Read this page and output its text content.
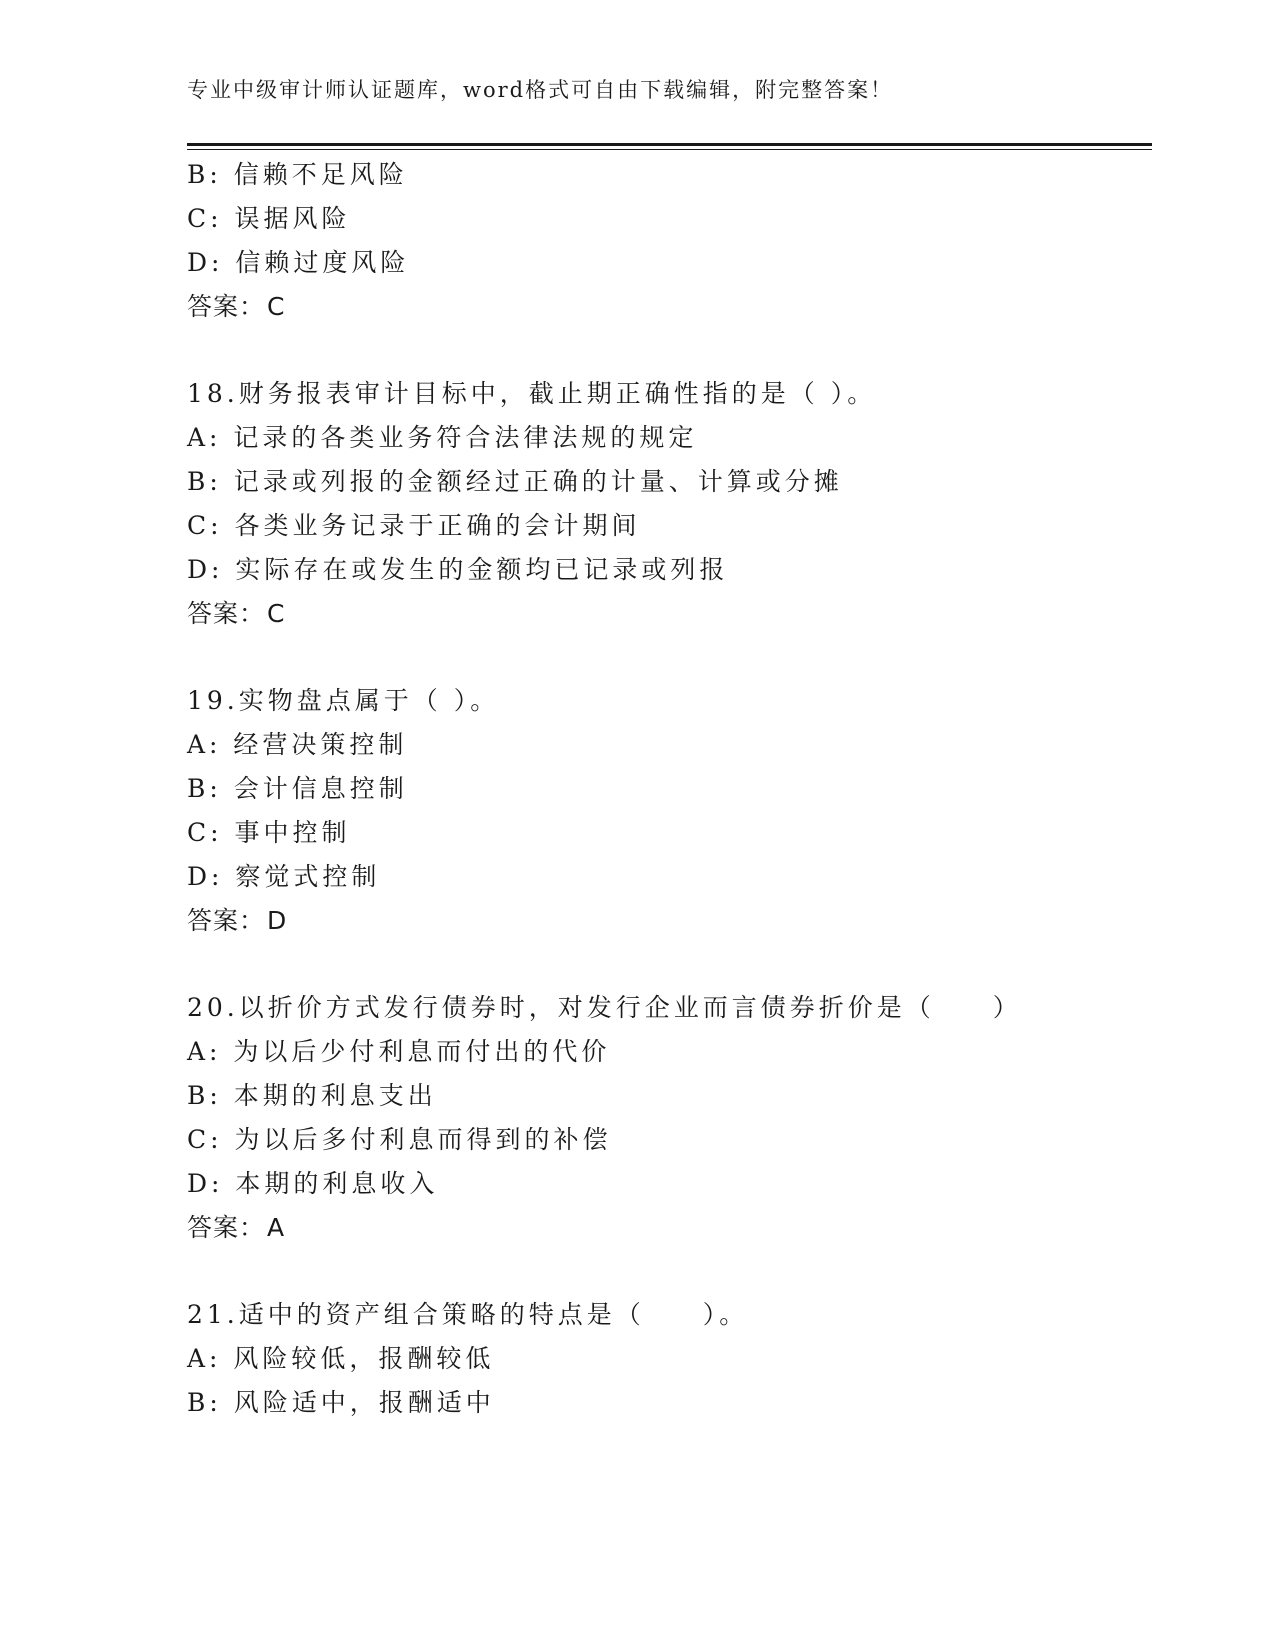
专业中级审计师认证题库，word格式可自由下载编辑，附完整答案！
B: 信赖不足风险
C: 误据风险
D: 信赖过度风险
答案：C
18.财务报表审计目标中，截止期正确性指的是（ ）。
A: 记录的各类业务符合法律法规的规定
B: 记录或列报的金额经过正确的计量、计算或分摊
C: 各类业务记录于正确的会计期间
D: 实际存在或发生的金额均已记录或列报
答案：C
19.实物盘点属于（ ）。
A: 经营决策控制
B: 会计信息控制
C: 事中控制
D: 察觉式控制
答案：D
20.以折价方式发行债券时，对发行企业而言债券折价是（　　）
A: 为以后少付利息而付出的代价
B: 本期的利息支出
C: 为以后多付利息而得到的补偿
D: 本期的利息收入
答案：A
21.适中的资产组合策略的特点是（　　）。
A: 风险较低，报酬较低
B: 风险适中，报酬适中
